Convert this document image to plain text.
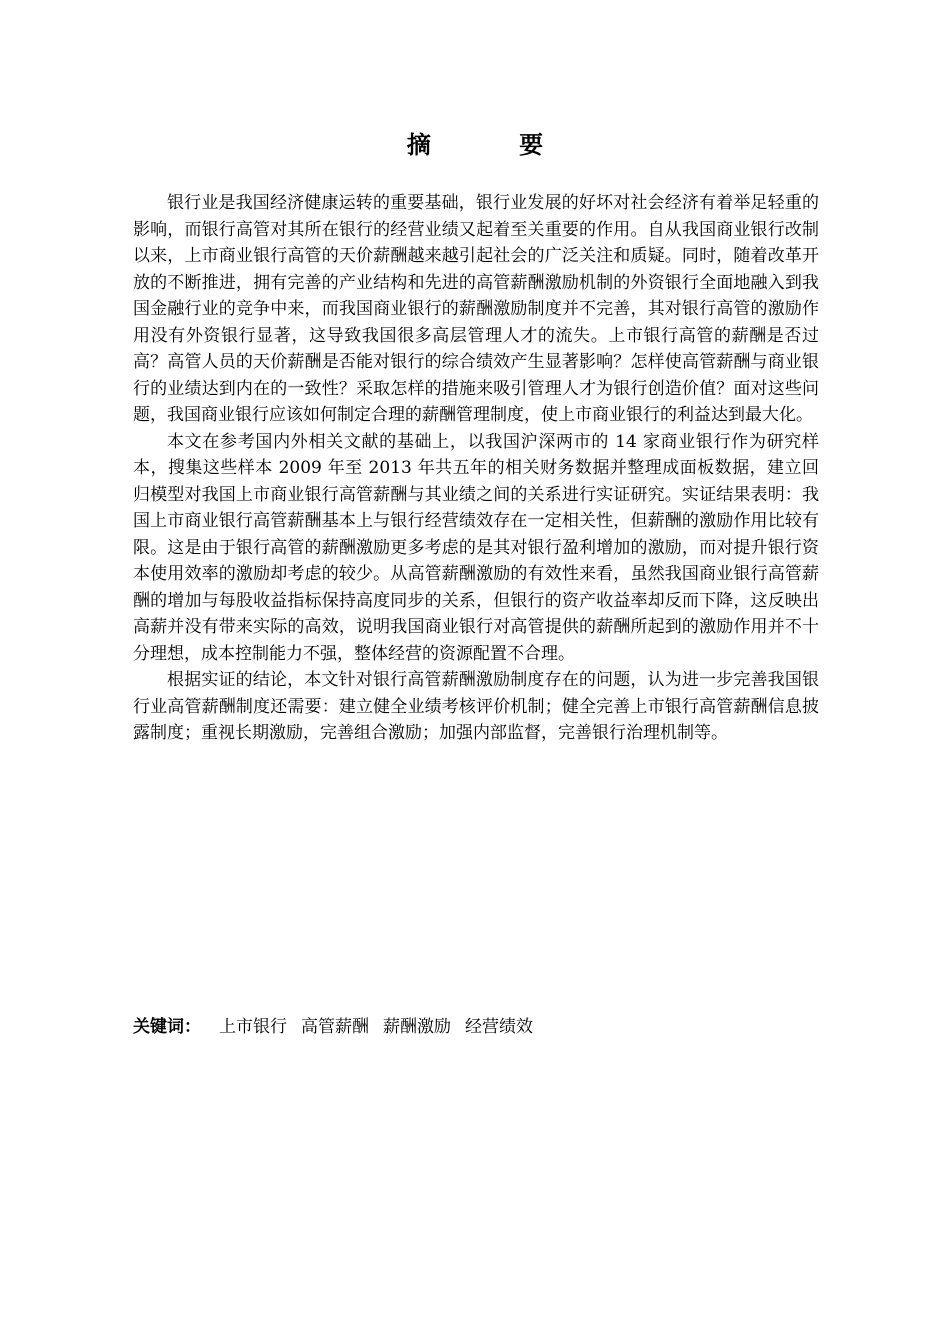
摘 要

银行业是我国经济健康运转的重要基础，银行业发展的好坏对社会经济有着举足轻重的影响，而银行高管对其所在银行的经营业绩又起着至关重要的作用。自从我国商业银行改制以来，上市商业银行高管的天价薪酬越来越引起社会的广泛关注和质疑。同时，随着改革开放的不断推进，拥有完善的产业结构和先进的高管薪酬激励机制的外资银行全面地融入到我国金融行业的竞争中来，而我国商业银行的薪酬激励制度并不完善，其对银行高管的激励作用没有外资银行显著，这导致我国很多高层管理人才的流失。上市银行高管的薪酬是否过高？高管人员的天价薪酬是否能对银行的综合绩效产生显著影响？怎样使高管薪酬与商业银行的业绩达到内在的一致性？采取怎样的措施来吸引管理人才为银行创造价值？面对这些问题，我国商业银行应该如何制定合理的薪酬管理制度，使上市商业银行的利益达到最大化。

本文在参考国内外相关文献的基础上，以我国沪深两市的 14 家商业银行作为研究样本，搜集这些样本 2009 年至 2013 年共五年的相关财务数据并整理成面板数据，建立回归模型对我国上市商业银行高管薪酬与其业绩之间的关系进行实证研究。实证结果表明：我国上市商业银行高管薪酬基本上与银行经营绩效存在一定相关性，但薪酬的激励作用比较有限。这是由于银行高管的薪酬激励更多考虑的是其对银行盈利增加的激励，而对提升银行资本使用效率的激励却考虑的较少。从高管薪酬激励的有效性来看，虽然我国商业银行高管薪酬的增加与每股收益指标保持高度同步的关系，但银行的资产收益率却反而下降，这反映出高薪并没有带来实际的高效，说明我国商业银行对高管提供的薪酬所起到的激励作用并不十分理想，成本控制能力不强，整体经营的资源配置不合理。

根据实证的结论，本文针对银行高管薪酬激励制度存在的问题，认为进一步完善我国银行业高管薪酬制度还需要：建立健全业绩考核评价机制；健全完善上市银行高管薪酬信息披露制度；重视长期激励，完善组合激励；加强内部监督，完善银行治理机制等。

关键词： 上市银行 高管薪酬 薪酬激励 经营绩效
